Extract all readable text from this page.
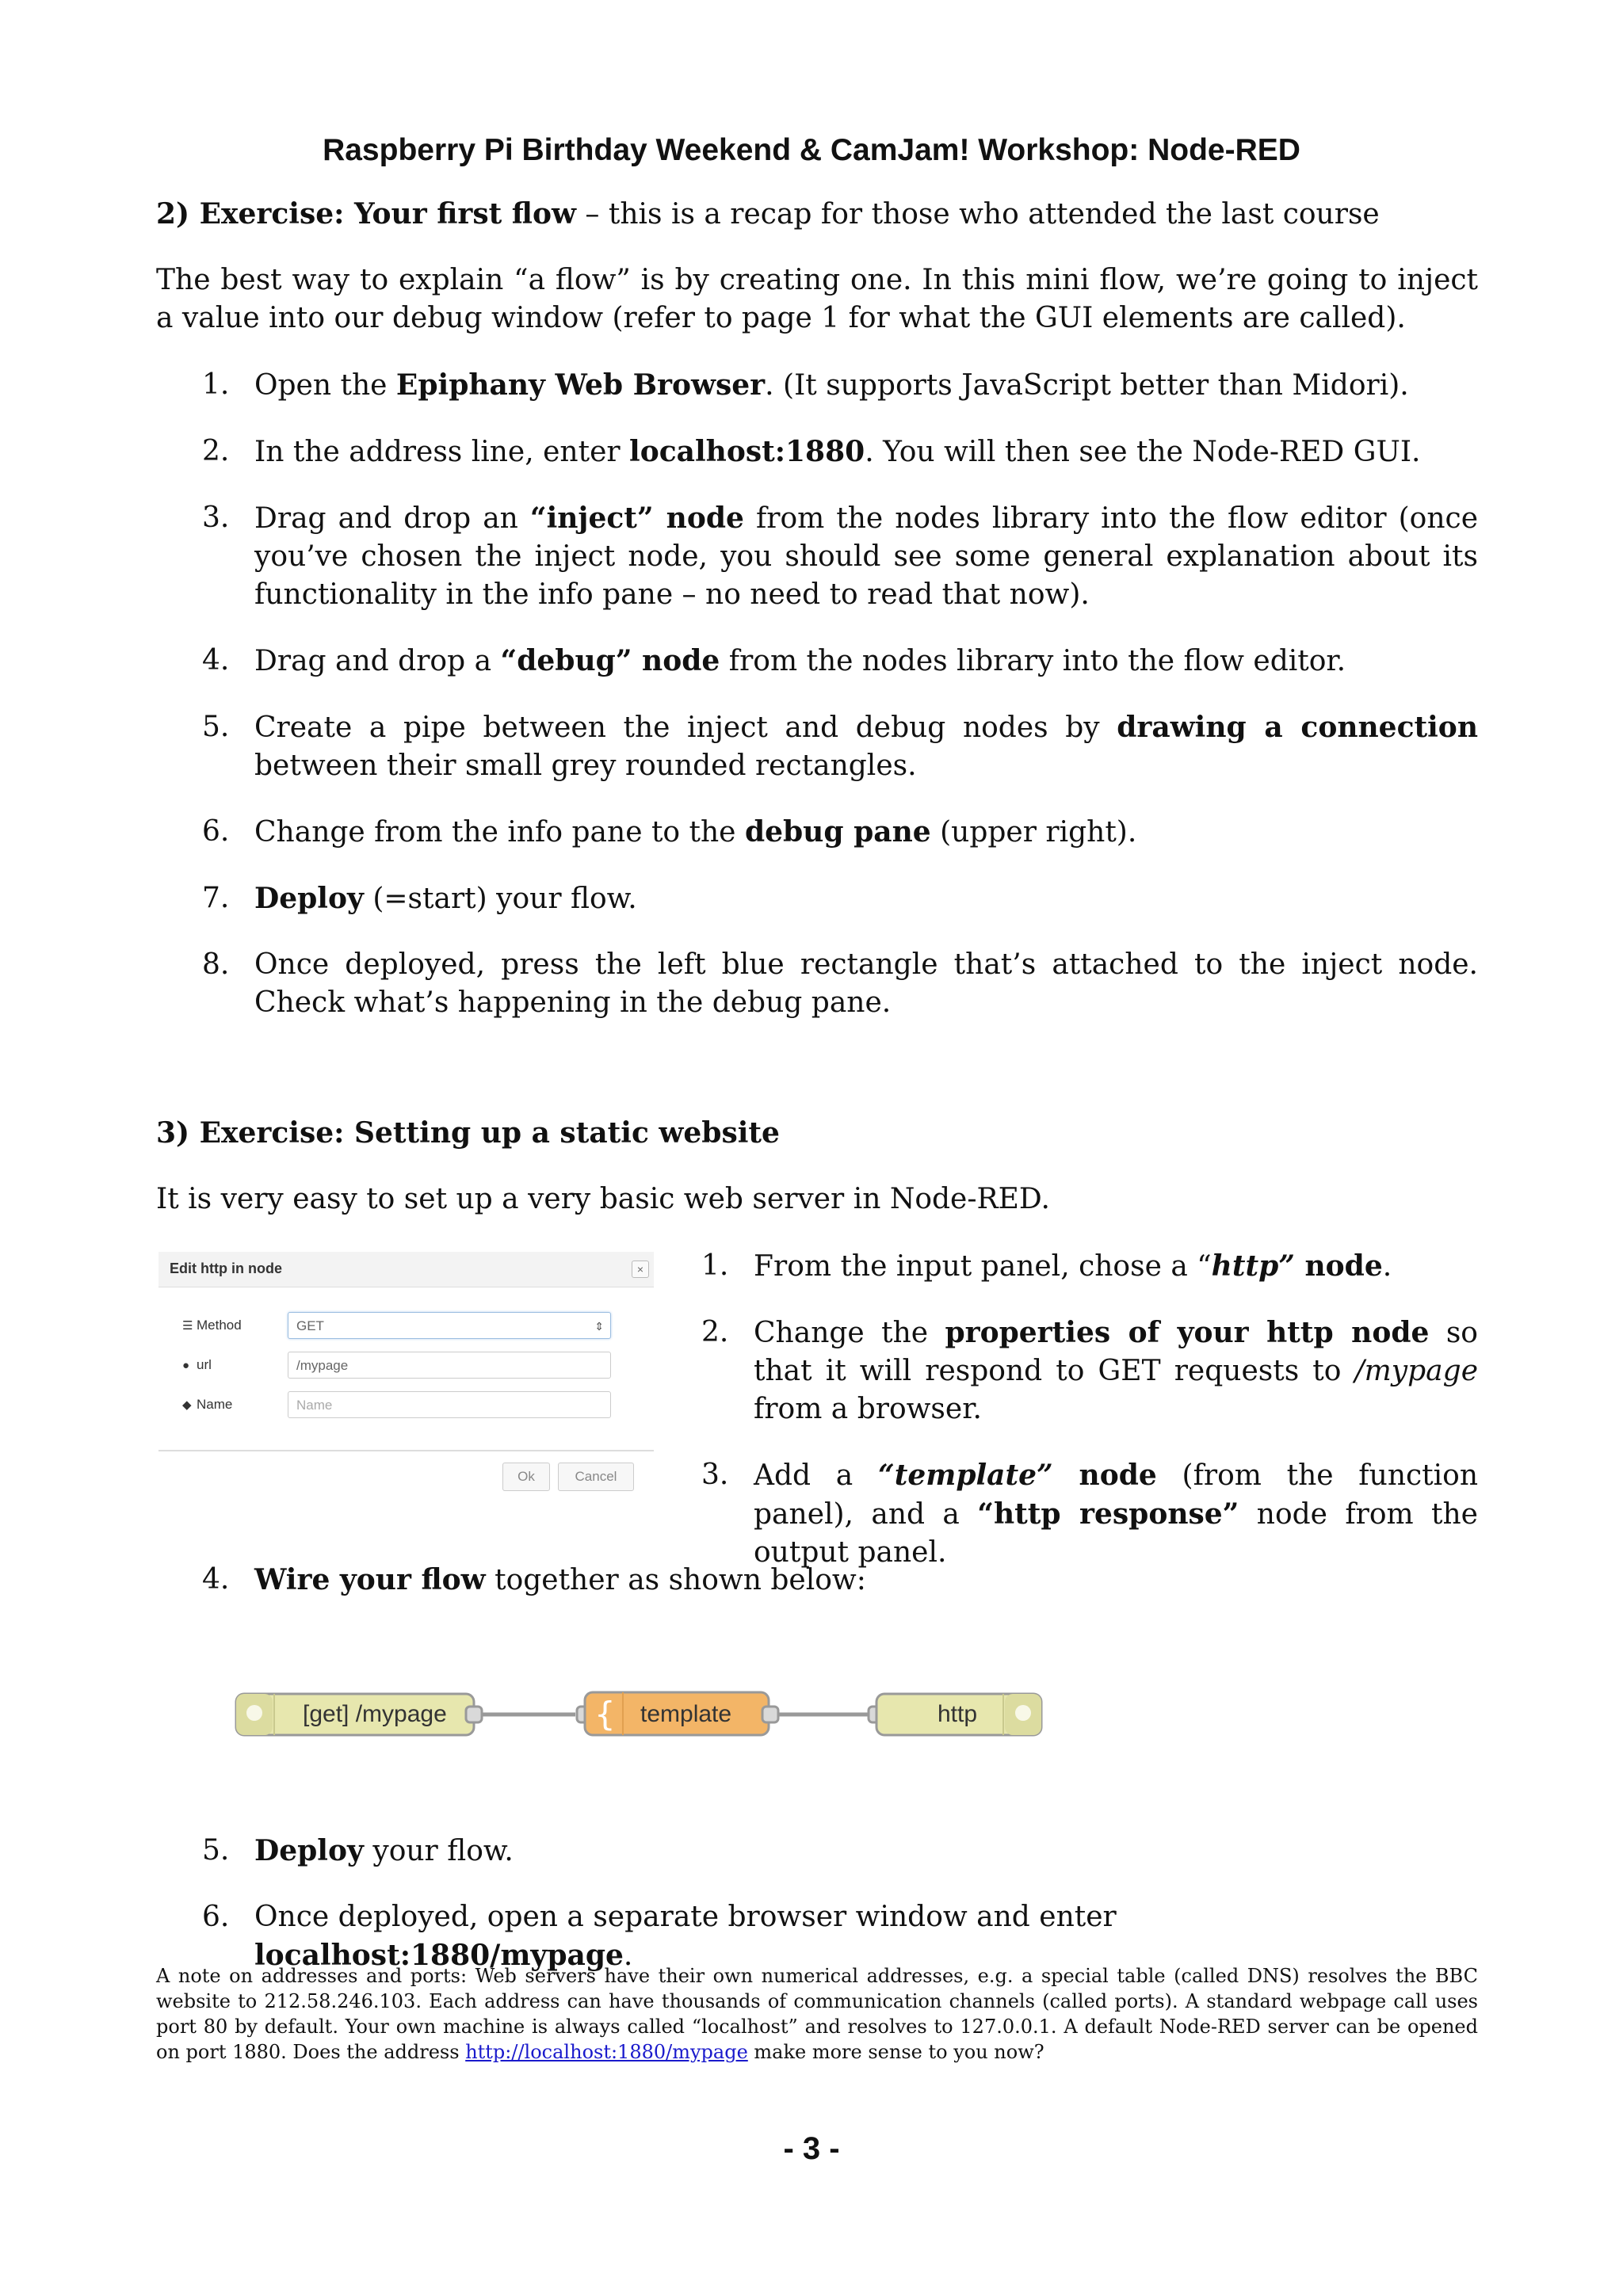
Raspberry Pi Birthday Weekend & CamJam! Workshop: Node-RED

2) Exercise: Your first flow – this is a recap for those who attended the last course

The best way to explain “a flow” is by creating one. In this mini flow, we’re going to inject a value into our debug window (refer to page 1 for what the GUI elements are called).

1. Open the Epiphany Web Browser. (It supports JavaScript better than Midori).
2. In the address line, enter localhost:1880. You will then see the Node-RED GUI.
3. Drag and drop an “inject” node from the nodes library into the flow editor (once you’ve chosen the inject node, you should see some general explanation about its functionality in the info pane – no need to read that now).
4. Drag and drop a “debug” node from the nodes library into the flow editor.
5. Create a pipe between the inject and debug nodes by drawing a connection between their small grey rounded rectangles.
6. Change from the info pane to the debug pane (upper right).
7. Deploy (=start) your flow.
8. Once deployed, press the left blue rectangle that’s attached to the inject node. Check what’s happening in the debug pane.

3) Exercise: Setting up a static website

It is very easy to set up a very basic web server in Node-RED.

Edit http in node	×
☰ Method	GET	⇕
● url	/mypage
◆ Name	Name
Ok	Cancel
1. From the input panel, chose a “http” node.
2. Change the properties of your http node so that it will respond to GET requests to /mypage from a browser.
3. Add a “template” node (from the function panel), and a “http response” node from the output panel.
4. Wire your flow together as shown below:
[get] /mypage	{ template	http
5. Deploy your flow.
6. Once deployed, open a separate browser window and enter localhost:1880/mypage.

A note on addresses and ports: Web servers have their own numerical addresses, e.g. a special table (called DNS) resolves the BBC website to 212.58.246.103. Each address can have thousands of communication channels (called ports). A standard webpage call uses port 80 by default. Your own machine is always called “localhost” and resolves to 127.0.0.1. A default Node-RED server can be opened on port 1880. Does the address http://localhost:1880/mypage make more sense to you now?

- 3 -
